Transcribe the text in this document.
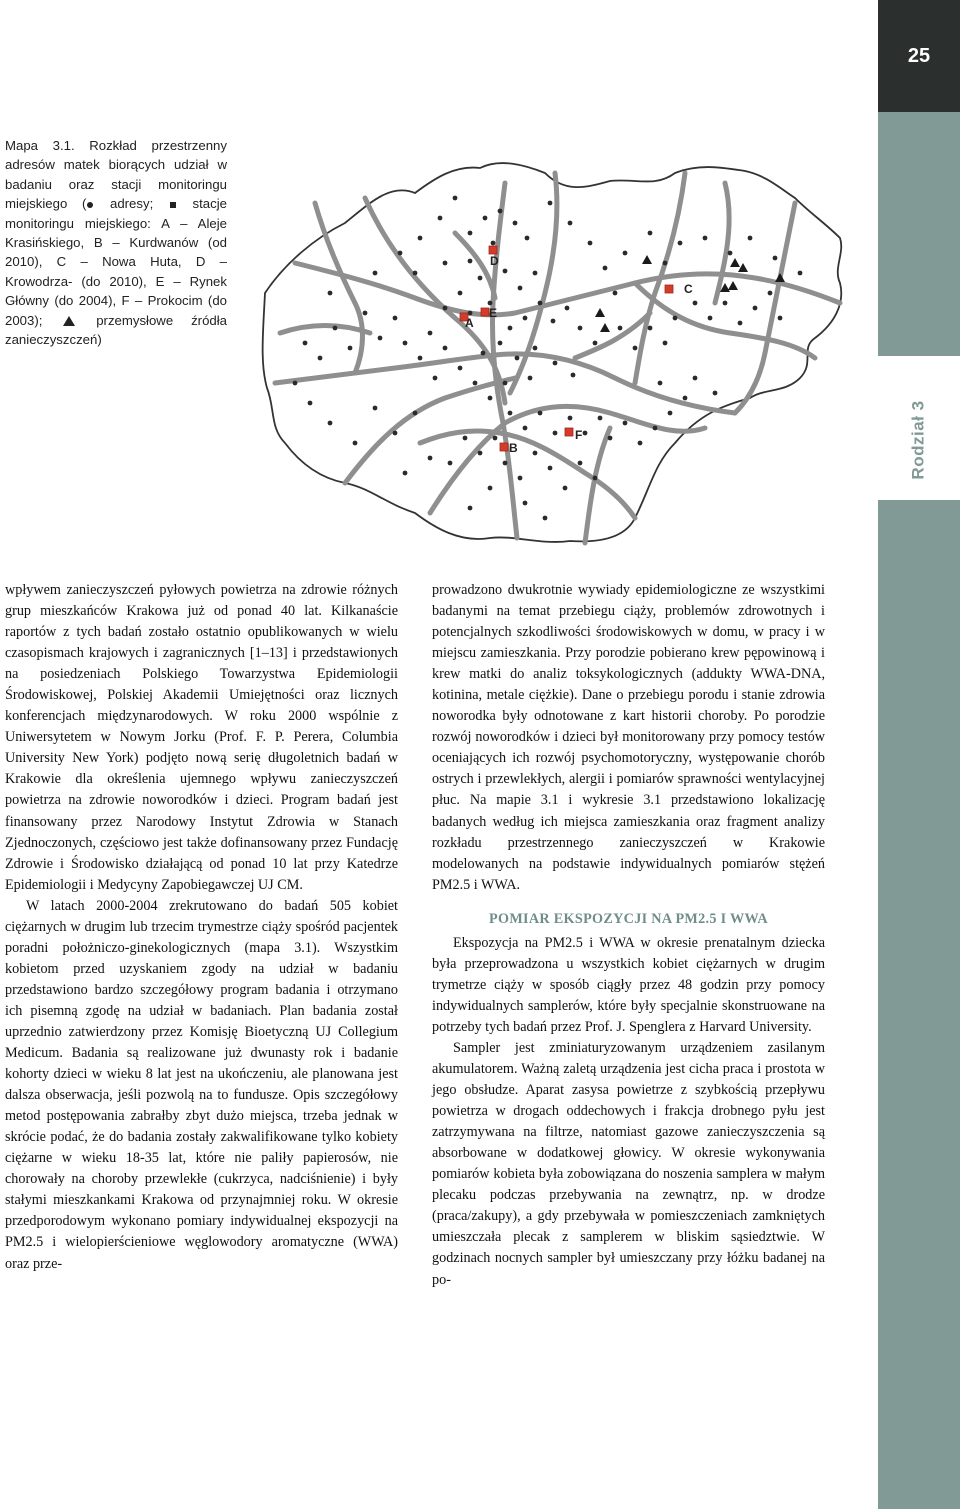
25
Rodział 3
Mapa 3.1. Rozkład przestrzenny adresów matek biorących udział w badaniu oraz stacji monitoringu miejskiego ( adresy;  stacje monitoringu miejskiego: A – Aleje Krasińskiego, B – Kurdwanów (od 2010), C – Nowa Huta, D – Krowodrza- (do 2010), E – Rynek Główny (do 2004), F – Prokocim (do 2003);  przemysłowe źródła zanieczyszczeń)
A
B
C
D
E
F

wpływem zanieczyszczeń pyłowych powietrza na zdrowie różnych grup mieszkańców Krakowa już od ponad 40 lat. Kilkanaście raportów z tych badań zostało ostatnio opublikowanych w wielu czasopismach krajowych i zagranicznych [1–13] i przedstawionych na posiedzeniach Polskiego Towarzystwa Epidemiologii Środowiskowej, Polskiej Akademii Umiejętności oraz licznych konferencjach międzynarodowych. W roku 2000 wspólnie z Uniwersytetem w Nowym Jorku (Prof. F. P. Perera, Columbia University New York) podjęto nową serię długoletnich badań w Krakowie dla określenia ujemnego wpływu zanieczyszczeń powietrza na zdrowie noworodków i dzieci. Program badań jest finansowany przez Narodowy Instytut Zdrowia w Stanach Zjednoczonych, częściowo jest także dofinansowany przez Fundację Zdrowie i Środowisko działającą od ponad 10 lat przy Katedrze Epidemiologii i Medycyny Zapobiegawczej UJ CM.

W latach 2000-2004 zrekrutowano do badań 505 kobiet ciężarnych w drugim lub trzecim trymestrze ciąży spośród pacjentek poradni położniczo-ginekologicznych (mapa 3.1). Wszystkim kobietom przed uzyskaniem zgody na udział w badaniu przedstawiono bardzo szczegółowy program badania i otrzymano ich pisemną zgodę na udział w badaniach. Plan badania został uprzednio zatwierdzony przez Komisję Bioetyczną UJ Collegium Medicum. Badania są realizowane już dwunasty rok i badanie kohorty dzieci w wieku 8 lat jest na ukończeniu, ale planowana jest dalsza obserwacja, jeśli pozwolą na to fundusze. Opis szczegółowy metod postępowania zabrałby zbyt dużo miejsca, trzeba jednak w skrócie podać, że do badania zostały zakwalifikowane tylko kobiety ciężarne w wieku 18-35 lat, które nie paliły papierosów, nie chorowały na choroby przewlekłe (cukrzyca, nadciśnienie) i były stałymi mieszkankami Krakowa od przynajmniej roku. W okresie przedporodowym wykonano pomiary indywidualnej ekspozycji na PM2.5 i wielopierścieniowe węglowodory aromatyczne (WWA) oraz prze-

prowadzono dwukrotnie wywiady epidemiologiczne ze wszystkimi badanymi na temat przebiegu ciąży, problemów zdrowotnych i potencjalnych szkodliwości środowiskowych w domu, w pracy i w miejscu zamieszkania. Przy porodzie pobierano krew pępowinową i krew matki do analiz toksykologicznych (addukty WWA-DNA, kotinina, metale ciężkie). Dane o przebiegu porodu i stanie zdrowia noworodka były odnotowane z kart historii choroby. Po porodzie rozwój noworodków i dzieci był monitorowany przy pomocy testów oceniających ich rozwój psychomotoryczny, występowanie chorób ostrych i przewlekłych, alergii i pomiarów sprawności wentylacyjnej płuc. Na mapie 3.1 i wykresie 3.1 przedstawiono lokalizację badanych według ich miejsca zamieszkania oraz fragment analizy rozkładu przestrzennego zanieczyszczeń w Krakowie modelowanych na podstawie indywidualnych pomiarów stężeń PM2.5 i WWA.

POMIAR EKSPOZYCJI NA PM2.5 I WWA

Ekspozycja na PM2.5 i WWA w okresie prenatalnym dziecka była przeprowadzona u wszystkich kobiet ciężarnych w drugim trymetrze ciąży w sposób ciągły przez 48 godzin przy pomocy indywidualnych samplerów, które były specjalnie skonstruowane na potrzeby tych badań przez Prof. J. Spenglera z Harvard University.

Sampler jest zminiaturyzowanym urządzeniem zasilanym akumulatorem. Ważną zaletą urządzenia jest cicha praca i prostota w jego obsłudze. Aparat zasysa powietrze z szybkością przepływu powietrza w drogach oddechowych i frakcja drobnego pyłu jest zatrzymywana na filtrze, natomiast gazowe zanieczyszczenia są absorbowane w dodatkowej głowicy. W okresie wykonywania pomiarów kobieta była zobowiązana do noszenia samplera w małym plecaku podczas przebywania na zewnątrz, np. w drodze (praca/zakupy), a gdy przebywała w pomieszczeniach zamkniętych umieszczała plecak z samplerem w bliskim sąsiedztwie. W godzinach nocnych sampler był umieszczany przy łóżku badanej na po-
